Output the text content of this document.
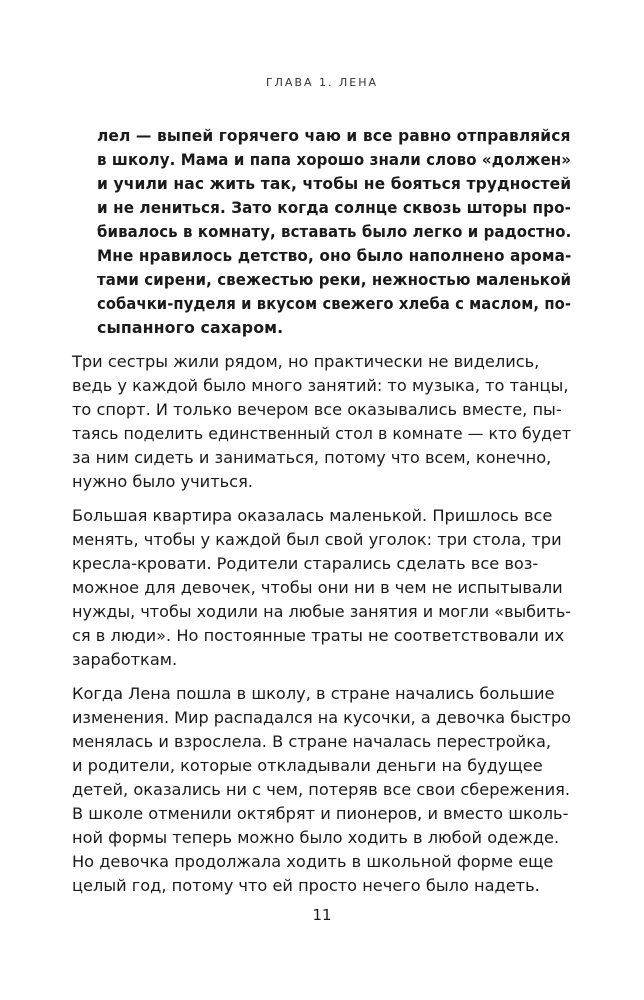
ГЛАВА 1. ЛЕНА
лел — выпей горячего чаю и все равно отправляйся
в школу. Мама и папа хорошо знали слово «должен»
и учили нас жить так, чтобы не бояться трудностей
и не лениться. Зато когда солнце сквозь шторы про-
бивалось в комнату, вставать было легко и радостно.
Мне нравилось детство, оно было наполнено арома-
тами сирени, свежестью реки, нежностью маленькой
собачки-пуделя и вкусом свежего хлеба с маслом, по-
сыпанного сахаром.
Три сестры жили рядом, но практически не виделись,
ведь у каждой было много занятий: то музыка, то танцы,
то спорт. И только вечером все оказывались вместе, пы-
таясь поделить единственный стол в комнате — кто будет
за ним сидеть и заниматься, потому что всем, конечно,
нужно было учиться.
Большая квартира оказалась маленькой. Пришлось все
менять, чтобы у каждой был свой уголок: три стола, три
кресла-кровати. Родители старались сделать все воз-
можное для девочек, чтобы они ни в чем не испытывали
нужды, чтобы ходили на любые занятия и могли «выбить-
ся в люди». Но постоянные траты не соответствовали их
заработкам.
Когда Лена пошла в школу, в стране начались большие
изменения. Мир распадался на кусочки, а девочка быстро
менялась и взрослела. В стране началась перестройка,
и родители, которые откладывали деньги на будущее
детей, оказались ни с чем, потеряв все свои сбережения.
В школе отменили октябрят и пионеров, и вместо школь-
ной формы теперь можно было ходить в любой одежде.
Но девочка продолжала ходить в школьной форме еще
целый год, потому что ей просто нечего было надеть.
11
